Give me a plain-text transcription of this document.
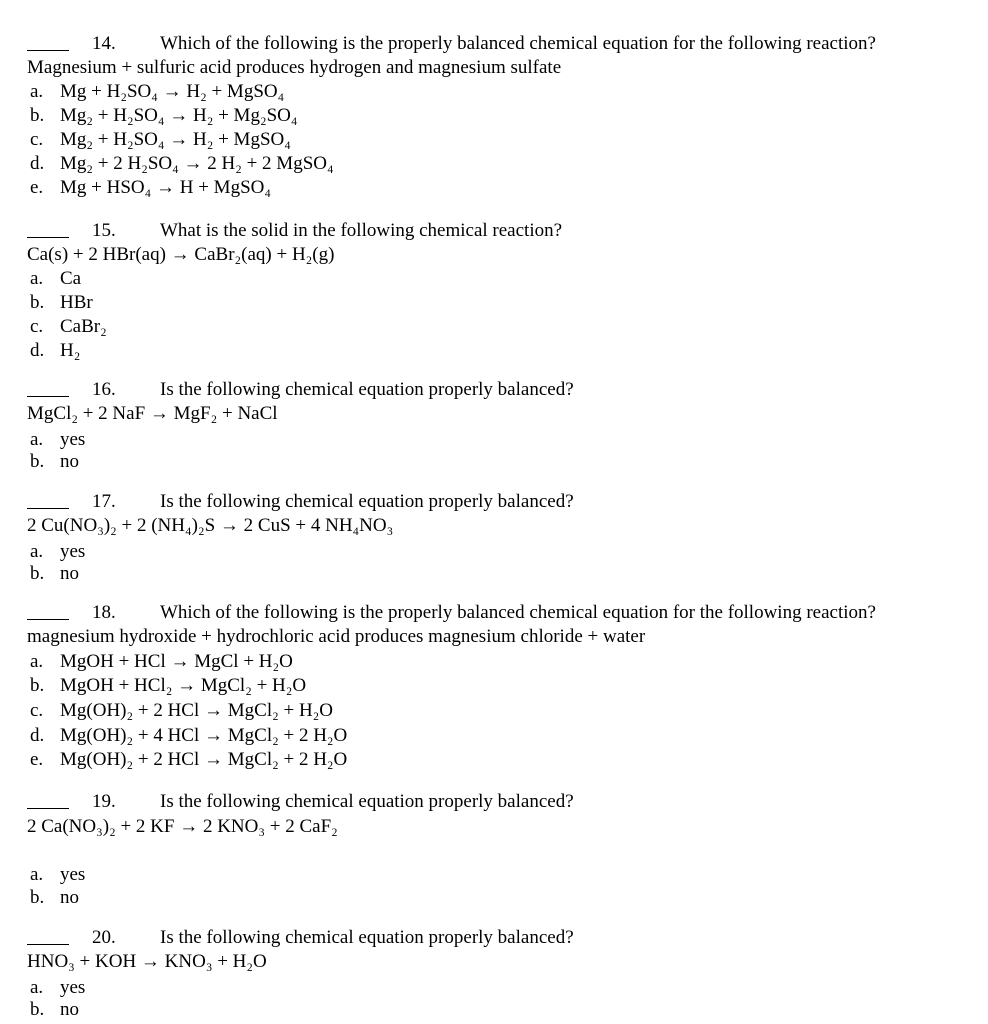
14. Which of the following is the properly balanced chemical equation for the following reaction?
Magnesium + sulfuric acid produces hydrogen and magnesium sulfate
a. Mg + H₂SO₄ → H₂ + MgSO₄
b. Mg₂ + H₂SO₄ → H₂ + Mg₂SO₄
c. Mg₂ + H₂SO₄ → H₂ + MgSO₄
d. Mg₂ + 2 H₂SO₄ → 2 H₂ + 2 MgSO₄
e. Mg + HSO₄ → H + MgSO₄
15. What is the solid in the following chemical reaction?
Ca(s) + 2 HBr(aq) → CaBr₂(aq) + H₂(g)
a. Ca
b.HBr
c. CaBr₂
d. H₂
16. Is the following chemical equation properly balanced?
MgCl₂ + 2 NaF → MgF₂ + NaCl
a. yes
b. no
17. Is the following chemical equation properly balanced?
2 Cu(NO₃)₂ + 2 (NH₄)₂S → 2 CuS + 4 NH₄NO₃
a. yes
b. no
18. Which of the following is the properly balanced chemical equation for the following reaction?
magnesium hydroxide + hydrochloric acid produces magnesium chloride + water
a. MgOH + HCl → MgCl + H₂O
b. MgOH + HCl₂ → MgCl₂ + H₂O
c. Mg(OH)₂ + 2 HCl → MgCl₂ + H₂O
d. Mg(OH)₂ + 4 HCl → MgCl₂ + 2 H₂O
e. Mg(OH)₂ + 2 HCl → MgCl₂ + 2 H₂O
19. Is the following chemical equation properly balanced?
2 Ca(NO₃)₂ + 2 KF → 2 KNO₃ + 2 CaF₂
a. yes
b. no
20. Is the following chemical equation properly balanced?
HNO₃ + KOH → KNO₃ + H₂O
a. yes
b. no
